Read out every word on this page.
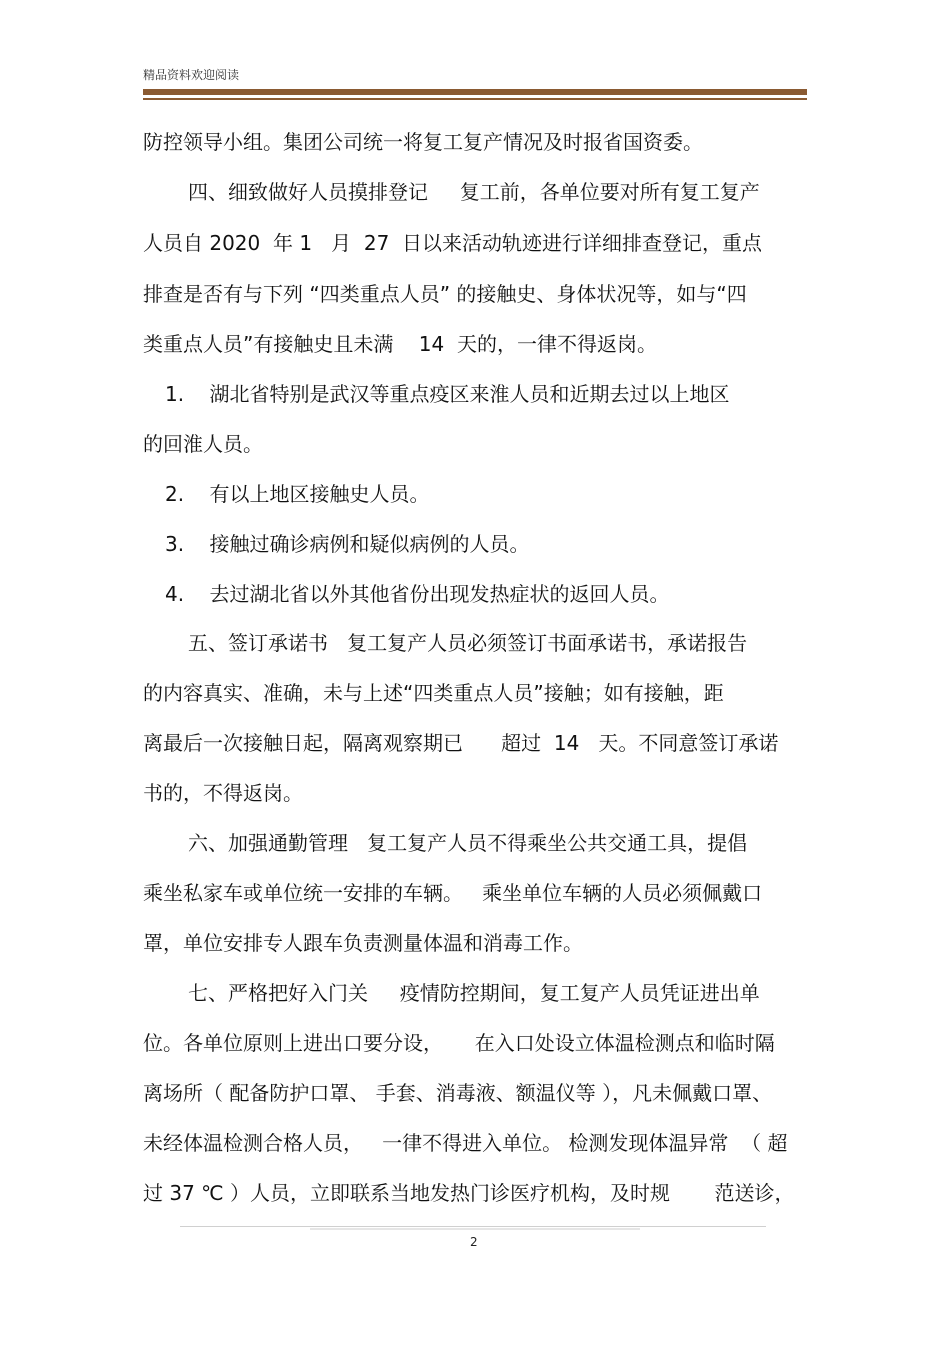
精品资料欢迎阅读
防控领导小组。集团公司统一将复工复产情况及时报省国资委。
四、细致做好人员摸排登记     复工前，各单位要对所有复工复产
人员自 2020  年 1   月  27  日以来活动轨迹进行详细排查登记，重点
排查是否有与下列 “四类重点人员” 的接触史、身体状况等，如与“四
类重点人员”有接触史且未满    14  天的，一律不得返岗。
1.    湖北省特别是武汉等重点疫区来淮人员和近期去过以上地区
的回淮人员。
2.    有以上地区接触史人员。
3.    接触过确诊病例和疑似病例的人员。
4.    去过湖北省以外其他省份出现发热症状的返回人员。
五、签订承诺书   复工复产人员必须签订书面承诺书，承诺报告
的内容真实、准确，未与上述“四类重点人员”接触；如有接触，距
离最后一次接触日起，隔离观察期已      超过  14   天。不同意签订承诺
书的，不得返岗。
六、加强通勤管理   复工复产人员不得乘坐公共交通工具，提倡
乘坐私家车或单位统一安排的车辆。   乘坐单位车辆的人员必须佩戴口
罩，单位安排专人跟车负责测量体温和消毒工作。
七、严格把好入门关     疫情防控期间，复工复产人员凭证进出单
位。各单位原则上进出口要分设，     在入口处设立体温检测点和临时隔
离场所（ 配备防护口罩、 手套、消毒液、额温仪等 ），凡未佩戴口罩、
未经体温检测合格人员，   一律不得进入单位。 检测发现体温异常  （ 超
过 37 ℃ ）人员，立即联系当地发热门诊医疗机构，及时规       范送诊，
2
